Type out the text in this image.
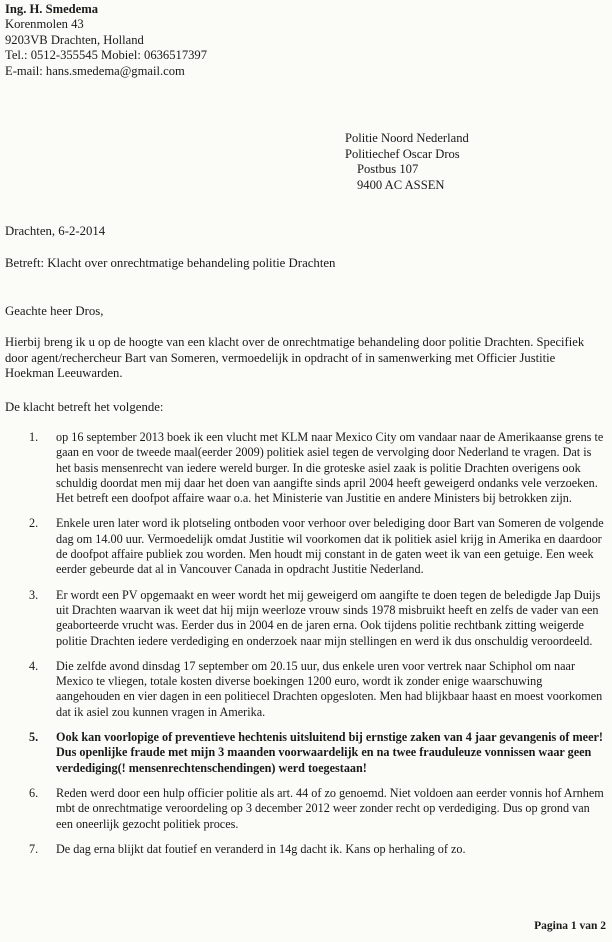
Ing. H. Smedema
Korenmolen 43
9203VB Drachten, Holland
Tel.: 0512-355545 Mobiel: 0636517397
E-mail: hans.smedema@gmail.com
Politie Noord Nederland
Politiechef Oscar Dros
Postbus 107
9400 AC ASSEN
Drachten, 6-2-2014
Betreft: Klacht over onrechtmatige behandeling politie Drachten
Geachte heer Dros,
Hierbij breng ik u op de hoogte van een klacht over de onrechtmatige behandeling door politie Drachten. Specifiek door agent/rechercheur Bart van Someren, vermoedelijk in opdracht of in samenwerking met Officier Justitie Hoekman Leeuwarden.
De klacht betreft het volgende:
1. op 16 september 2013 boek ik een vlucht met KLM naar Mexico City om vandaar naar de Amerikaanse grens te gaan en voor de tweede maal(eerder 2009) politiek asiel tegen de vervolging door Nederland te vragen. Dat is het basis mensenrecht van iedere wereld burger. In die groteske asiel zaak is politie Drachten overigens ook schuldig doordat men mij daar het doen van aangifte sinds april 2004 heeft geweigerd ondanks vele verzoeken. Het betreft een doofpot affaire waar o.a. het Ministerie van Justitie en andere Ministers bij betrokken zijn.
2. Enkele uren later word ik plotseling ontboden voor verhoor over belediging door Bart van Someren de volgende dag om 14.00 uur. Vermoedelijk omdat Justitie wil voorkomen dat ik politiek asiel krijg in Amerika en daardoor de doofpot affaire publiek zou worden. Men houdt mij constant in de gaten weet ik van een getuige. Een week eerder gebeurde dat al in Vancouver Canada in opdracht Justitie Nederland.
3. Er wordt een PV opgemaakt en weer wordt het mij geweigerd om aangifte te doen tegen de beledigde Jap Duijs uit Drachten waarvan ik weet dat hij mijn weerloze vrouw sinds 1978 misbruikt heeft en zelfs de vader van een geaborteerde vrucht was. Eerder dus in 2004 en de jaren erna. Ook tijdens politie rechtbank zitting weigerde politie Drachten iedere verdediging en onderzoek naar mijn stellingen en werd ik dus onschuldig veroordeeld.
4. Die zelfde avond dinsdag 17 september om 20.15 uur, dus enkele uren voor vertrek naar Schiphol om naar Mexico te vliegen, totale kosten diverse boekingen 1200 euro, wordt ik zonder enige waarschuwing aangehouden en vier dagen in een politiecel Drachten opgesloten. Men had blijkbaar haast en moest voorkomen dat ik asiel zou kunnen vragen in Amerika.
5. Ook kan voorlopige of preventieve hechtenis uitsluitend bij ernstige zaken van 4 jaar gevangenis of meer! Dus openlijke fraude met mijn 3 maanden voorwaardelijk en na twee frauduleuze vonnissen waar geen verdediging(! mensenrechtenschendingen) werd toegestaan!
6. Reden werd door een hulp officier politie als art. 44 of zo genoemd. Niet voldoen aan eerder vonnis hof Arnhem mbt de onrechtmatige veroordeling op 3 december 2012 weer zonder recht op verdediging. Dus op grond van een oneerlijk gezocht politiek proces.
7. De dag erna blijkt dat foutief en veranderd in 14g dacht ik. Kans op herhaling of zo.
Pagina 1 van 2
